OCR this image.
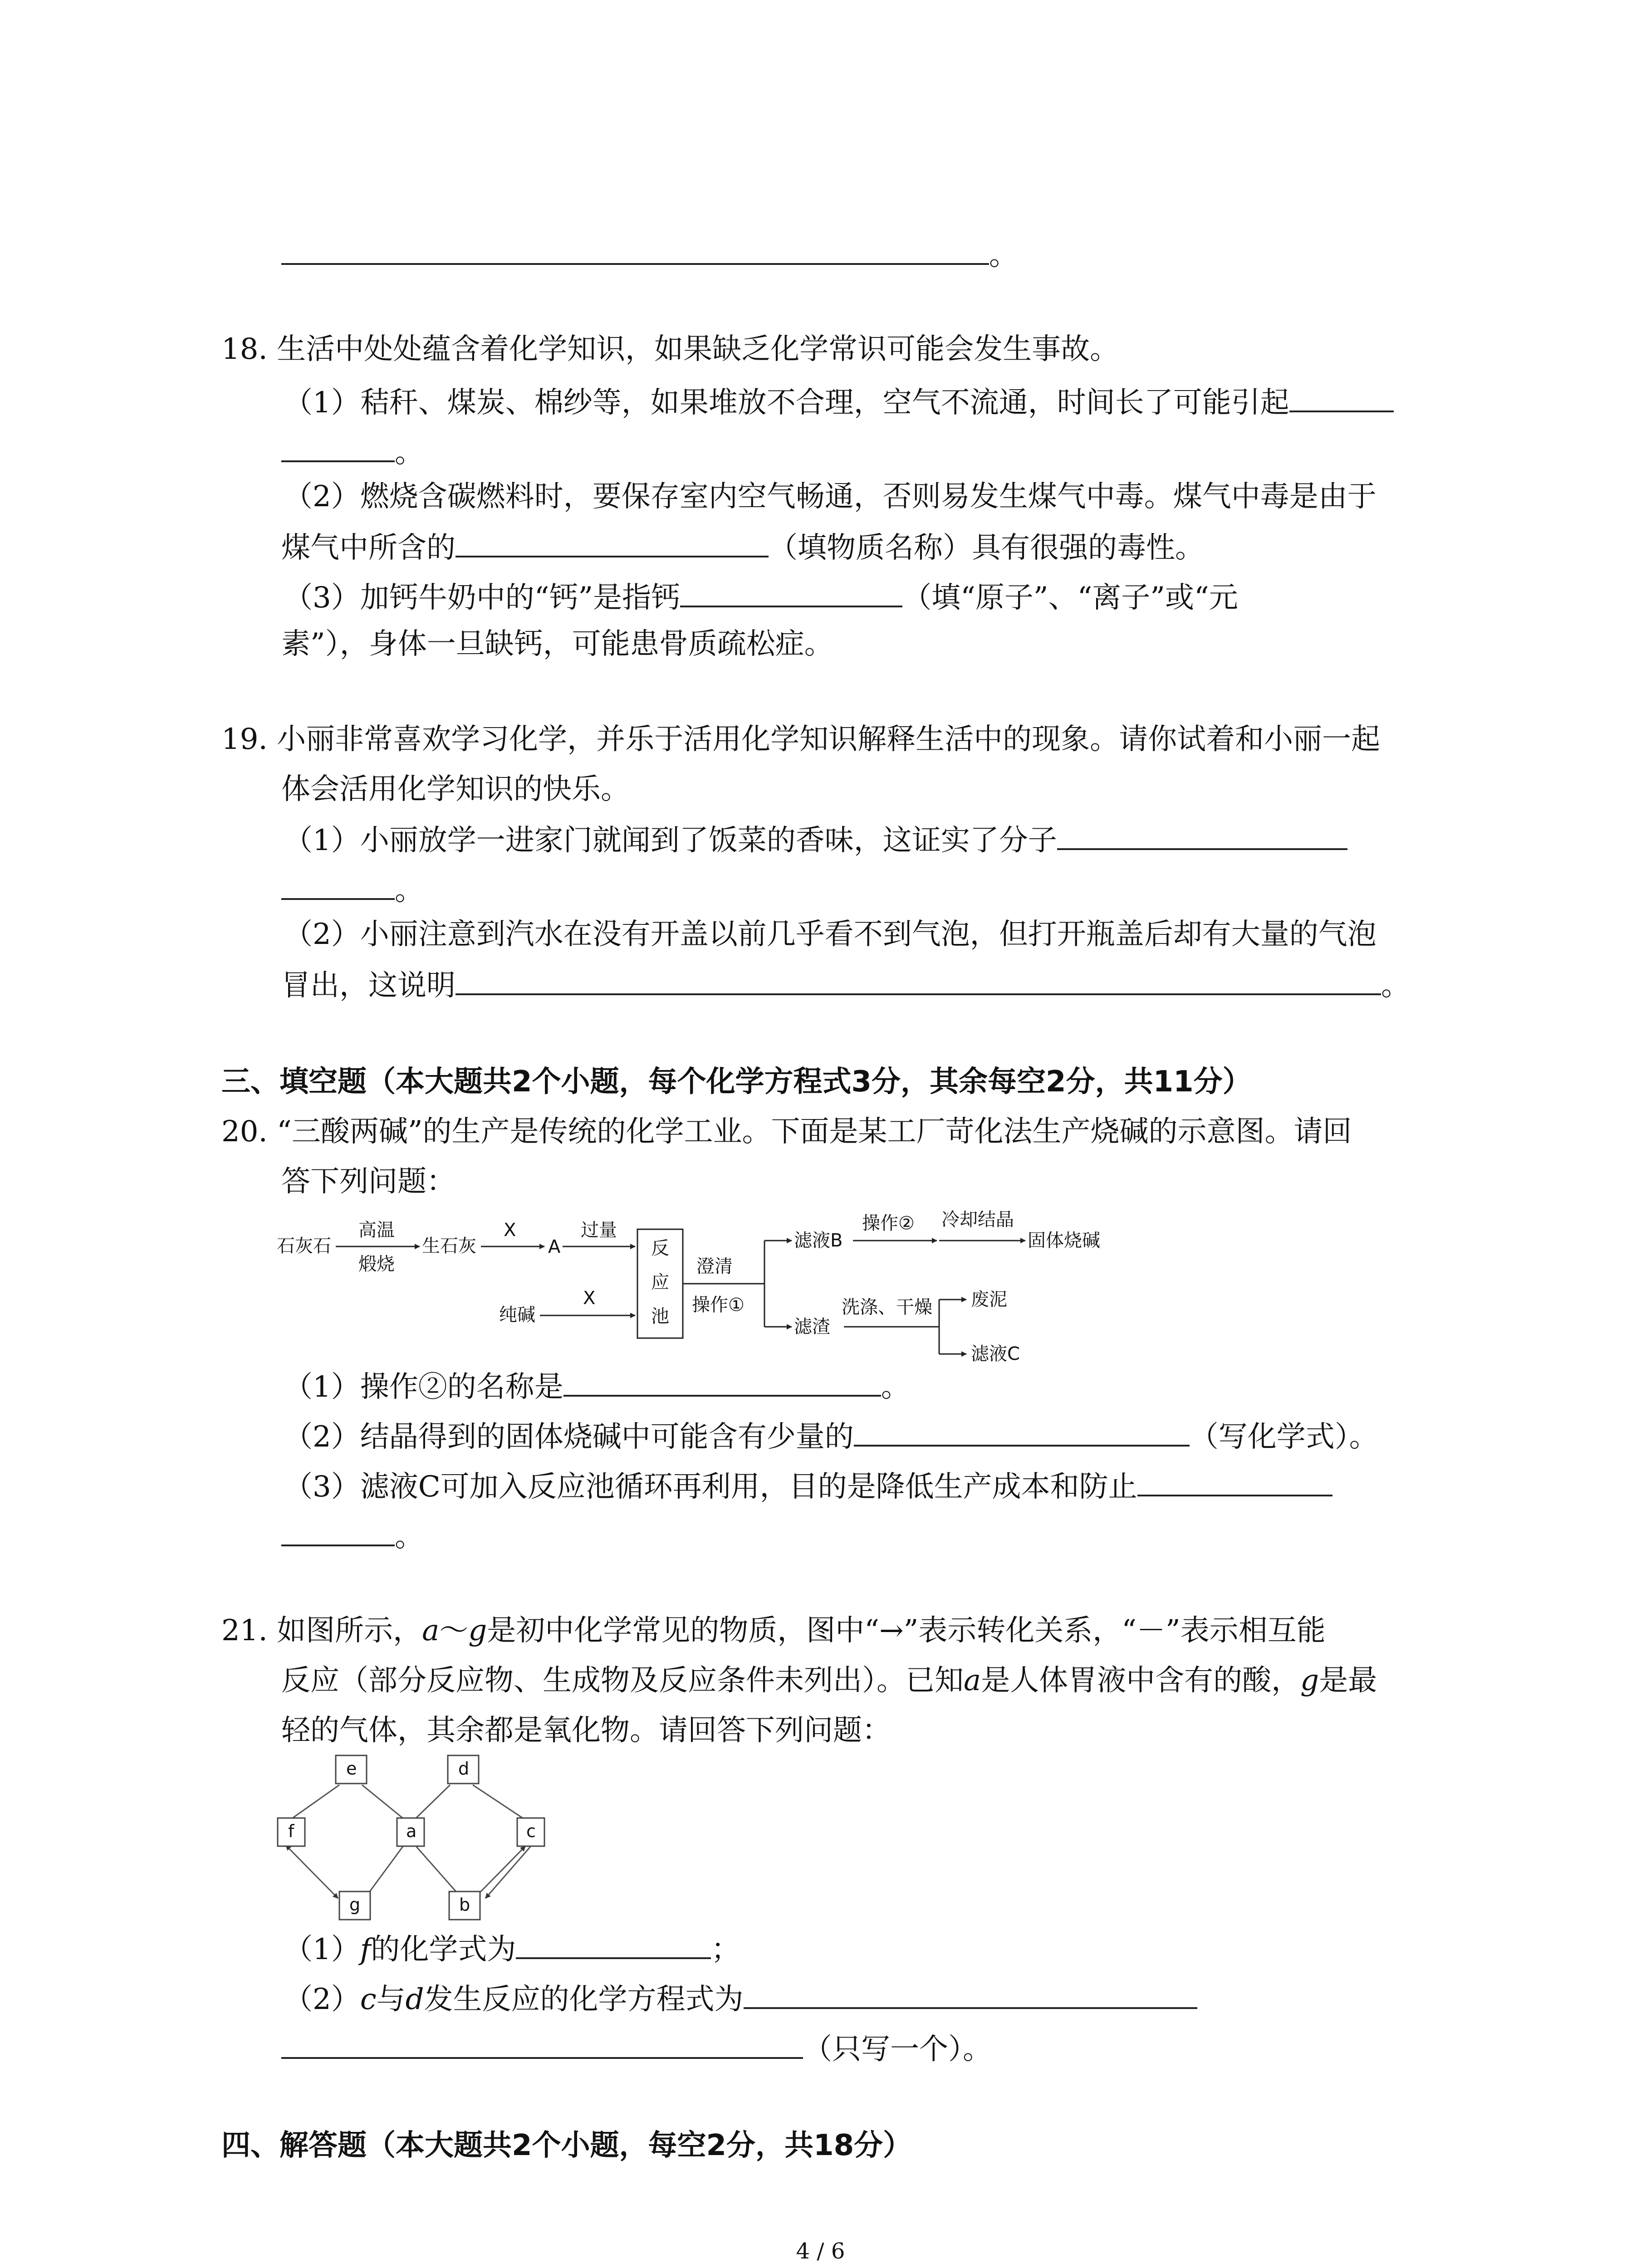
。
18. 生活中处处蕴含着化学知识，如果缺乏化学常识可能会发生事故。
（1）秸秆、煤炭、棉纱等，如果堆放不合理，空气不流通，时间长了可能引起
。
（2）燃烧含碳燃料时，要保存室内空气畅通，否则易发生煤气中毒。煤气中毒是由于
煤气中所含的	（填物质名称）具有很强的毒性。
（3）加钙牛奶中的“钙”是指钙	（填“原子”、“离子”或“元
素”），身体一旦缺钙，可能患骨质疏松症。
19. 小丽非常喜欢学习化学，并乐于活用化学知识解释生活中的现象。请你试着和小丽一起
体会活用化学知识的快乐。
（1）小丽放学一进家门就闻到了饭菜的香味，这证实了分子
。
（2）小丽注意到汽水在没有开盖以前几乎看不到气泡，但打开瓶盖后却有大量的气泡
冒出，这说明	。
三、填空题（本大题共2个小题，每个化学方程式3分，其余每空2分，共11分）
20. “三酸两碱”的生产是传统的化学工业。下面是某工厂苛化法生产烧碱的示意图。请回
答下列问题：
石灰石
高温
煅烧
生石灰
X
A
过量
纯碱
X
反
应
池
澄清
操作①
滤液B
操作② 冷却结晶
固体烧碱
滤渣
洗涤、干燥 废泥
滤液C
（1）操作②的名称是	。
（2）结晶得到的固体烧碱中可能含有少量的	（写化学式）。
（3）滤液C可加入反应池循环再利用，目的是降低生产成本和防止
。
21. 如图所示，a～g是初中化学常见的物质，图中“→”表示转化关系，“－”表示相互能
反应（部分反应物、生成物及反应条件未列出）。已知a是人体胃液中含有的酸，g是最
轻的气体，其余都是氧化物。请回答下列问题：
e	d
f	a	c
g	b
（1）f的化学式为	；
（2）c与d发生反应的化学方程式为
（只写一个）。
四、解答题（本大题共2个小题，每空2分，共18分）
4 / 6
